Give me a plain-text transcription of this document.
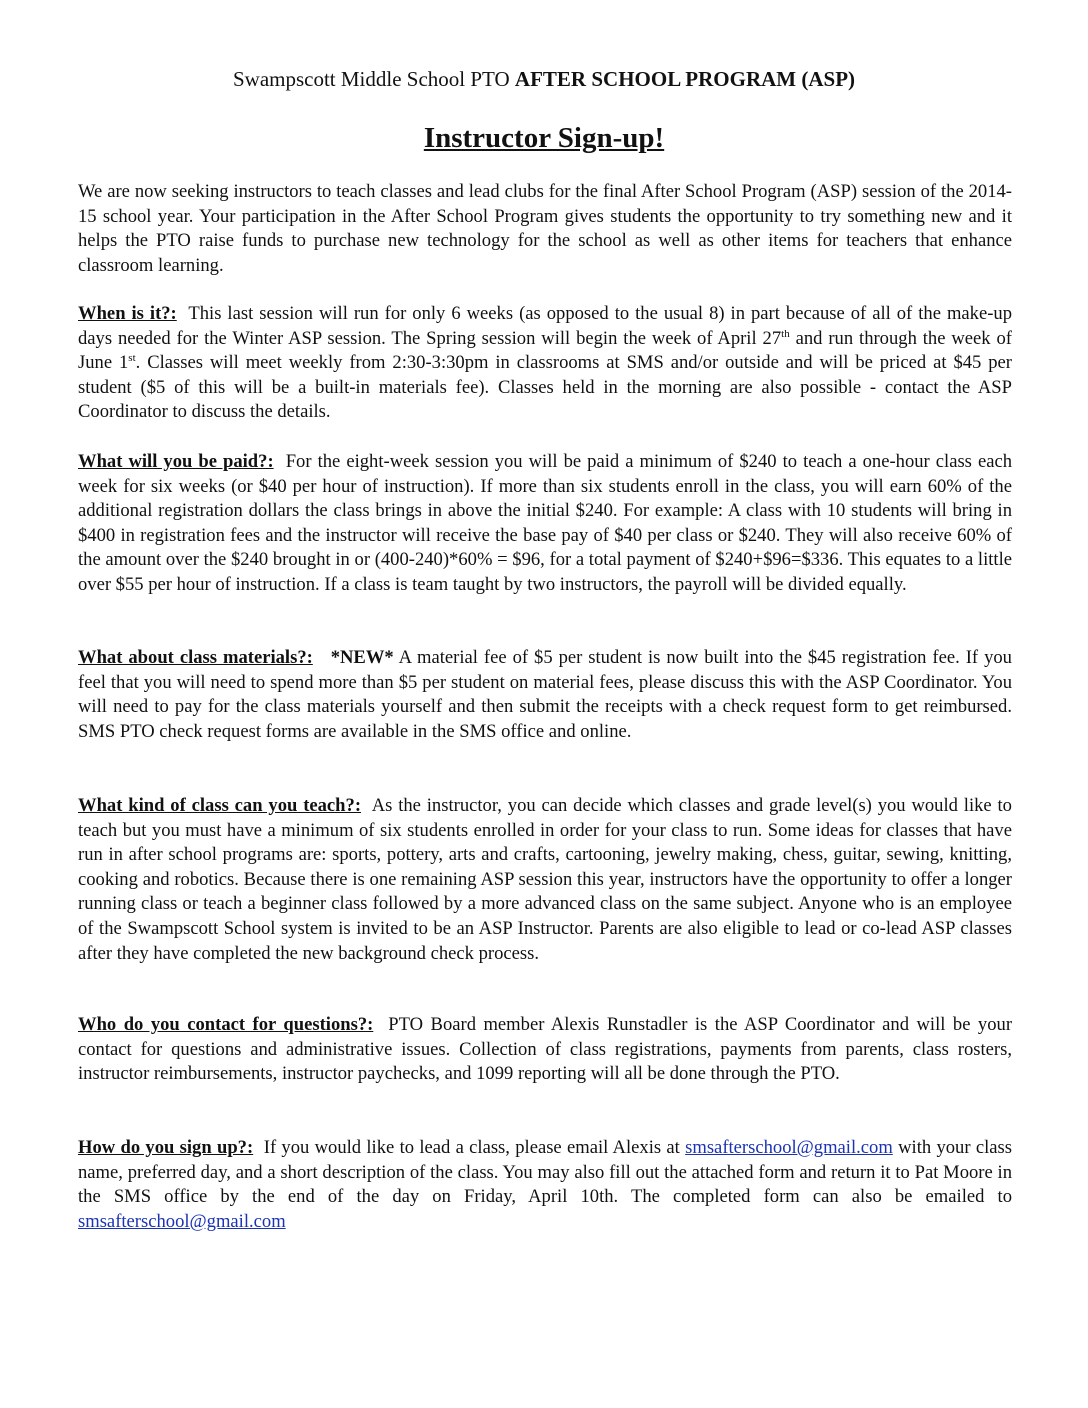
Swampscott Middle School PTO AFTER SCHOOL PROGRAM (ASP)
Instructor Sign-up!

We are now seeking instructors to teach classes and lead clubs for the final After School Program (ASP) session of the 2014-15 school year. Your participation in the After School Program gives students the opportunity to try something new and it helps the PTO raise funds to purchase new technology for the school as well as other items for teachers that enhance classroom learning.

When is it?: This last session will run for only 6 weeks (as opposed to the usual 8) in part because of all of the make-up days needed for the Winter ASP session. The Spring session will begin the week of April 27th and run through the week of June 1st. Classes will meet weekly from 2:30-3:30pm in classrooms at SMS and/or outside and will be priced at $45 per student ($5 of this will be a built-in materials fee). Classes held in the morning are also possible - contact the ASP Coordinator to discuss the details.

What will you be paid?: For the eight-week session you will be paid a minimum of $240 to teach a one-hour class each week for six weeks (or $40 per hour of instruction). If more than six students enroll in the class, you will earn 60% of the additional registration dollars the class brings in above the initial $240. For example: A class with 10 students will bring in $400 in registration fees and the instructor will receive the base pay of $40 per class or $240. They will also receive 60% of the amount over the $240 brought in or (400-240)*60% = $96, for a total payment of $240+$96=$336. This equates to a little over $55 per hour of instruction. If a class is team taught by two instructors, the payroll will be divided equally.

What about class materials?: *NEW* A material fee of $5 per student is now built into the $45 registration fee. If you feel that you will need to spend more than $5 per student on material fees, please discuss this with the ASP Coordinator. You will need to pay for the class materials yourself and then submit the receipts with a check request form to get reimbursed. SMS PTO check request forms are available in the SMS office and online.

What kind of class can you teach?: As the instructor, you can decide which classes and grade level(s) you would like to teach but you must have a minimum of six students enrolled in order for your class to run. Some ideas for classes that have run in after school programs are: sports, pottery, arts and crafts, cartooning, jewelry making, chess, guitar, sewing, knitting, cooking and robotics. Because there is one remaining ASP session this year, instructors have the opportunity to offer a longer running class or teach a beginner class followed by a more advanced class on the same subject. Anyone who is an employee of the Swampscott School system is invited to be an ASP Instructor. Parents are also eligible to lead or co-lead ASP classes after they have completed the new background check process.

Who do you contact for questions?: PTO Board member Alexis Runstadler is the ASP Coordinator and will be your contact for questions and administrative issues. Collection of class registrations, payments from parents, class rosters, instructor reimbursements, instructor paychecks, and 1099 reporting will all be done through the PTO.

How do you sign up?: If you would like to lead a class, please email Alexis at smsafterschool@gmail.com with your class name, preferred day, and a short description of the class. You may also fill out the attached form and return it to Pat Moore in the SMS office by the end of the day on Friday, April 10th. The completed form can also be emailed to smsafterschool@gmail.com
